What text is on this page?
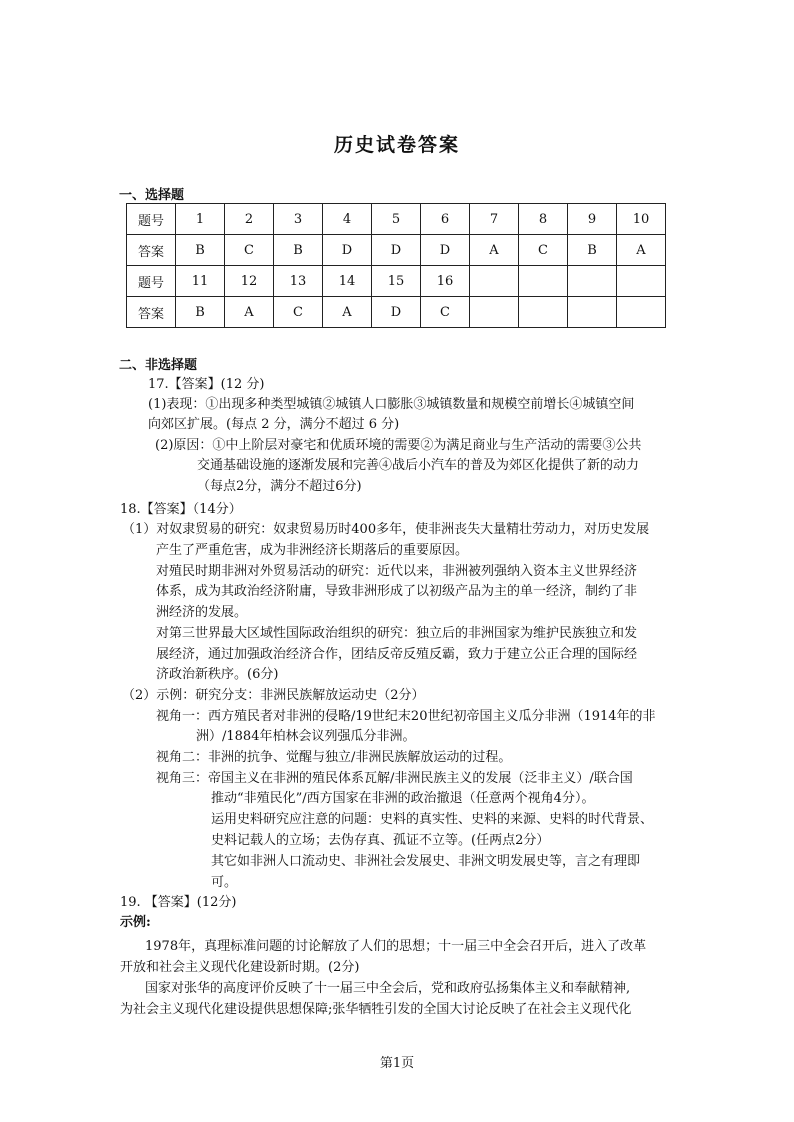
历史试卷答案
一、选择题
题号	1	2	3	4	5	6	7	8	9	10
答案	B	C	B	D	D	D	A	C	B	A
题号	11	12	13	14	15	16				
答案	B	A	C	A	D	C				
二、非选择题
17.【答案】(12 分)
(1)表现：①出现多种类型城镇②城镇人口膨胀③城镇数量和规模空前增长④城镇空间
向郊区扩展。(每点 2 分，满分不超过 6 分)
(2)原因：①中上阶层对豪宅和优质环境的需要②为满足商业与生产活动的需要③公共
交通基础设施的逐渐发展和完善④战后小汽车的普及为郊区化提供了新的动力
（每点2分，满分不超过6分)
18.【答案】（14分）
（1）对奴隶贸易的研究：奴隶贸易历时400多年，使非洲丧失大量精壮劳动力，对历史发展
产生了严重危害，成为非洲经济长期落后的重要原因。
对殖民时期非洲对外贸易活动的研究：近代以来，非洲被列强纳入资本主义世界经济
体系，成为其政治经济附庸，导致非洲形成了以初级产品为主的单一经济，制约了非
洲经济的发展。
对第三世界最大区域性国际政治组织的研究：独立后的非洲国家为维护民族独立和发
展经济，通过加强政治经济合作，团结反帝反殖反霸，致力于建立公正合理的国际经
济政治新秩序。(6分)
（2）示例：研究分支：非洲民族解放运动史（2分）
视角一：西方殖民者对非洲的侵略/19世纪末20世纪初帝国主义瓜分非洲（1914年的非
洲）/1884年柏林会议列强瓜分非洲。
视角二：非洲的抗争、觉醒与独立/非洲民族解放运动的过程。
视角三：帝国主义在非洲的殖民体系瓦解/非洲民族主义的发展（泛非主义）/联合国
推动“非殖民化”/西方国家在非洲的政治撤退（任意两个视角4分）。
运用史料研究应注意的问题：史料的真实性、史料的来源、史料的时代背景、
史料记载人的立场；去伪存真、孤证不立等。(任两点2分）
其它如非洲人口流动史、非洲社会发展史、非洲文明发展史等，言之有理即
可。
19. 【答案】(12分)
示例:
1978年，真理标准问题的讨论解放了人们的思想；十一届三中全会召开后，进入了改革
开放和社会主义现代化建设新时期。(2分)
国家对张华的高度评价反映了十一届三中全会后，党和政府弘扬集体主义和奉献精神,
为社会主义现代化建设提供思想保障;张华牺牲引发的全国大讨论反映了在社会主义现代化
第1页
